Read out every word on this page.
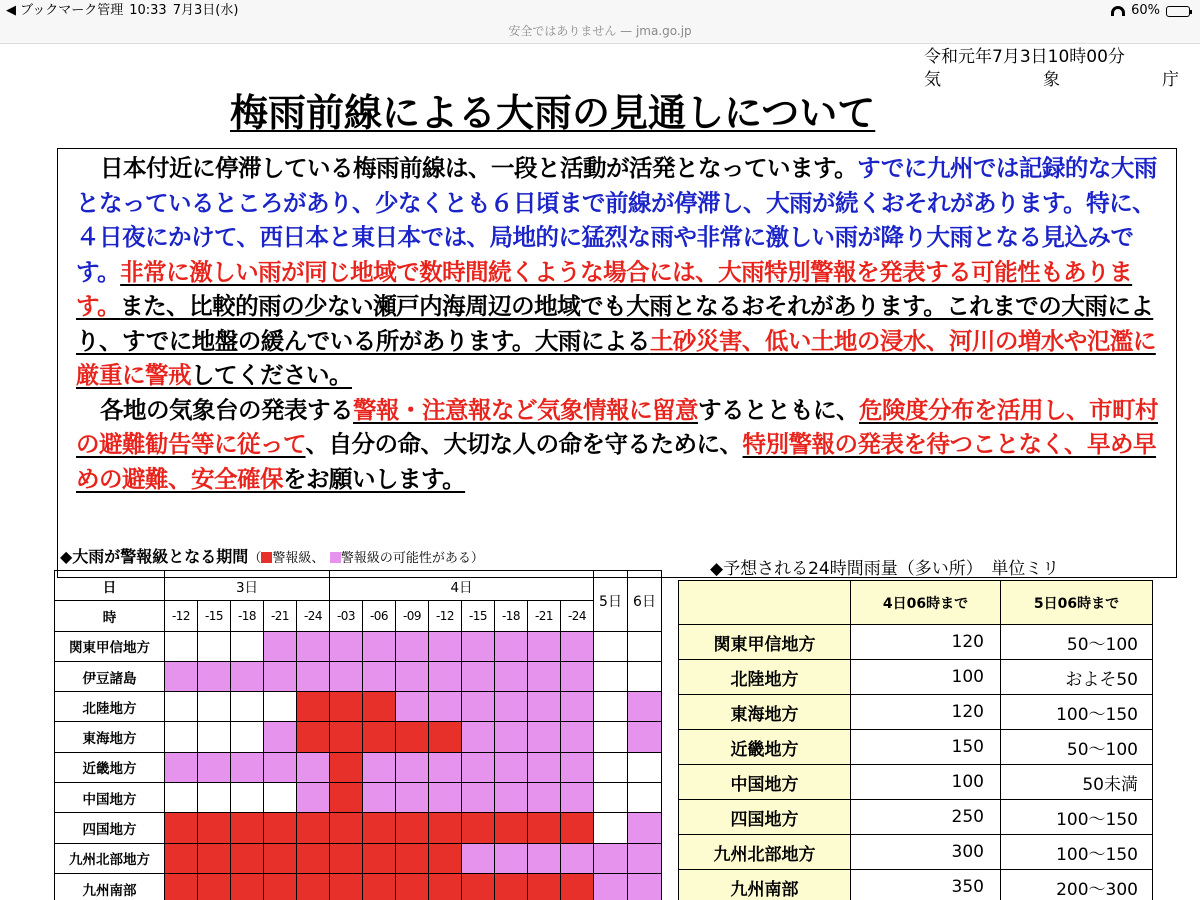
◀ ブックマーク管理 10:33 7月3日(水)	60%
安全ではありません — jma.go.jp
令和元年7月3日10時00分
気	象	庁
梅雨前線による大雨の見通しについて

日本付近に停滞している梅雨前線は、一段と活動が活発となっています。すでに九州では記録的な大雨となっているところがあり、少なくとも６日頃まで前線が停滞し、大雨が続くおそれがあります。特に、４日夜にかけて、西日本と東日本では、局地的に猛烈な雨や非常に激しい雨が降り大雨となる見込みです。非常に激しい雨が同じ地域で数時間続くような場合には、大雨特別警報を発表する可能性もあります。また、比較的雨の少ない瀬戸内海周辺の地域でも大雨となるおそれがあります。これまでの大雨により、すでに地盤の緩んでいる所があります。大雨による土砂災害、低い土地の浸水、河川の増水や氾濫に厳重に警戒してください。

各地の気象台の発表する警報・注意報など気象情報に留意するとともに、危険度分布を活用し、市町村の避難勧告等に従って、自分の命、大切な人の命を守るために、特別警報の発表を待つことなく、早め早めの避難、安全確保をお願いします。

◆大雨が警報級となる期間（ 警報級、 警報級の可能性がある）
日	3日					4日								5日	6日
時	-12	-15	-18	-21	-24	-03	-06	-09	-12	-15	-18	-21	-24		
関東甲信地方															
伊豆諸島															
北陸地方															
東海地方															
近畿地方															
中国地方															
四国地方															
九州北部地方															
九州南部															
◆予想される24時間雨量（多い所）　単位ミリ
	4日06時まで	5日06時まで
関東甲信地方	120	50～100
北陸地方	100	およそ50
東海地方	120	100～150
近畿地方	150	50～100
中国地方	100	50未満
四国地方	250	100～150
九州北部地方	300	100～150
九州南部	350	200～300
